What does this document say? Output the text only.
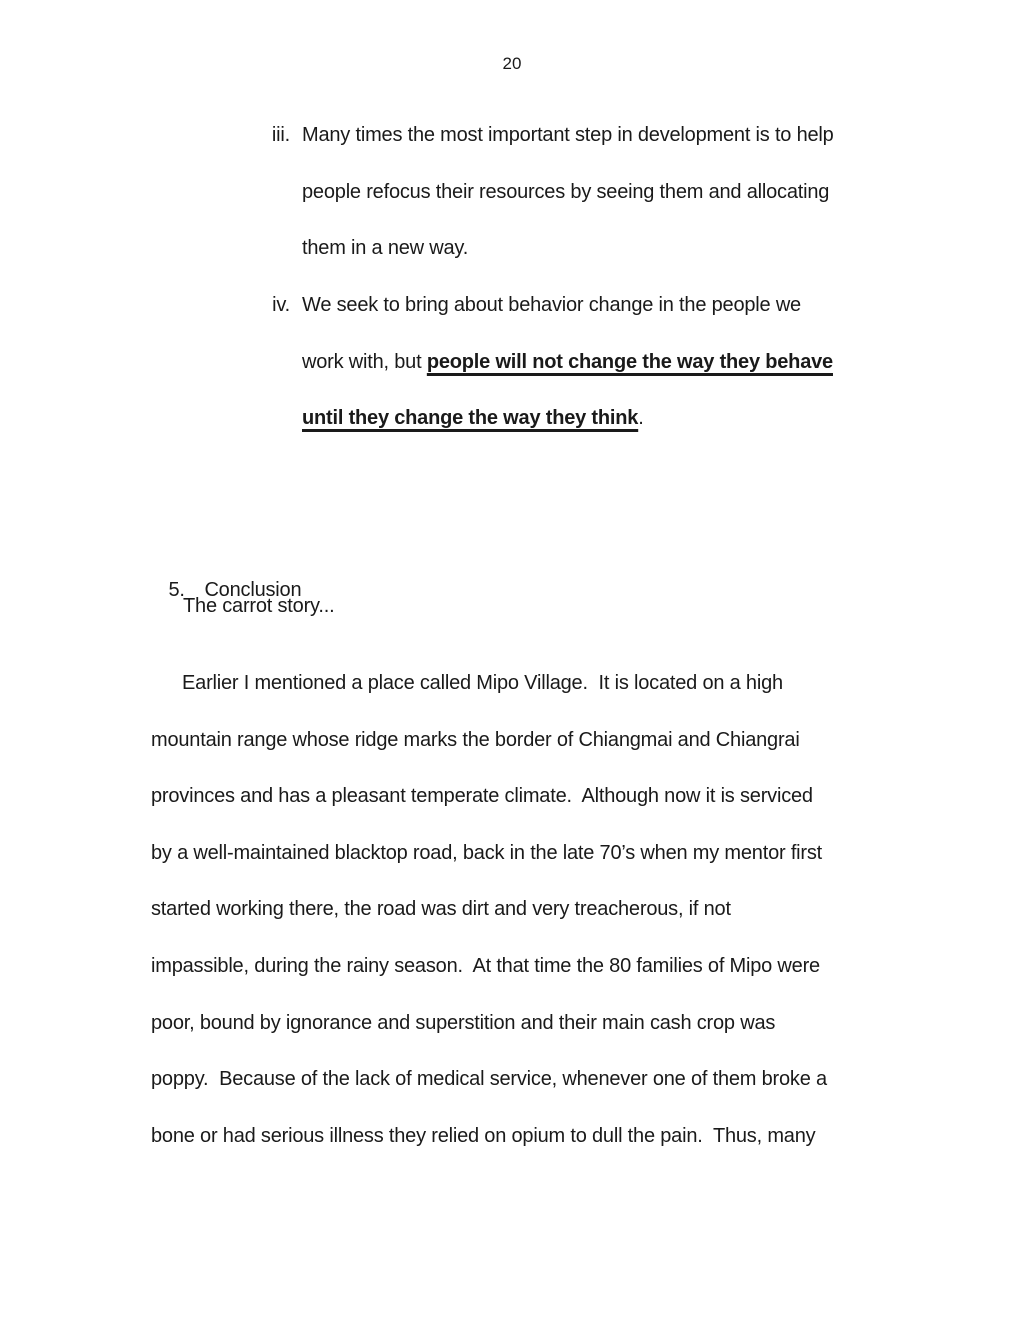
20
iii. Many times the most important step in development is to help
people refocus their resources by seeing them and allocating
them in a new way.
iv. We seek to bring about behavior change in the people we
work with, but people will not change the way they behave
until they change the way they think.

5. Conclusion

The carrot story...
Earlier I mentioned a place called Mipo Village.  It is located on a high
mountain range whose ridge marks the border of Chiangmai and Chiangrai
provinces and has a pleasant temperate climate.  Although now it is serviced
by a well-maintained blacktop road, back in the late 70’s when my mentor first
started working there, the road was dirt and very treacherous, if not
impassible, during the rainy season.  At that time the 80 families of Mipo were
poor, bound by ignorance and superstition and their main cash crop was
poppy.  Because of the lack of medical service, whenever one of them broke a
bone or had serious illness they relied on opium to dull the pain.  Thus, many
